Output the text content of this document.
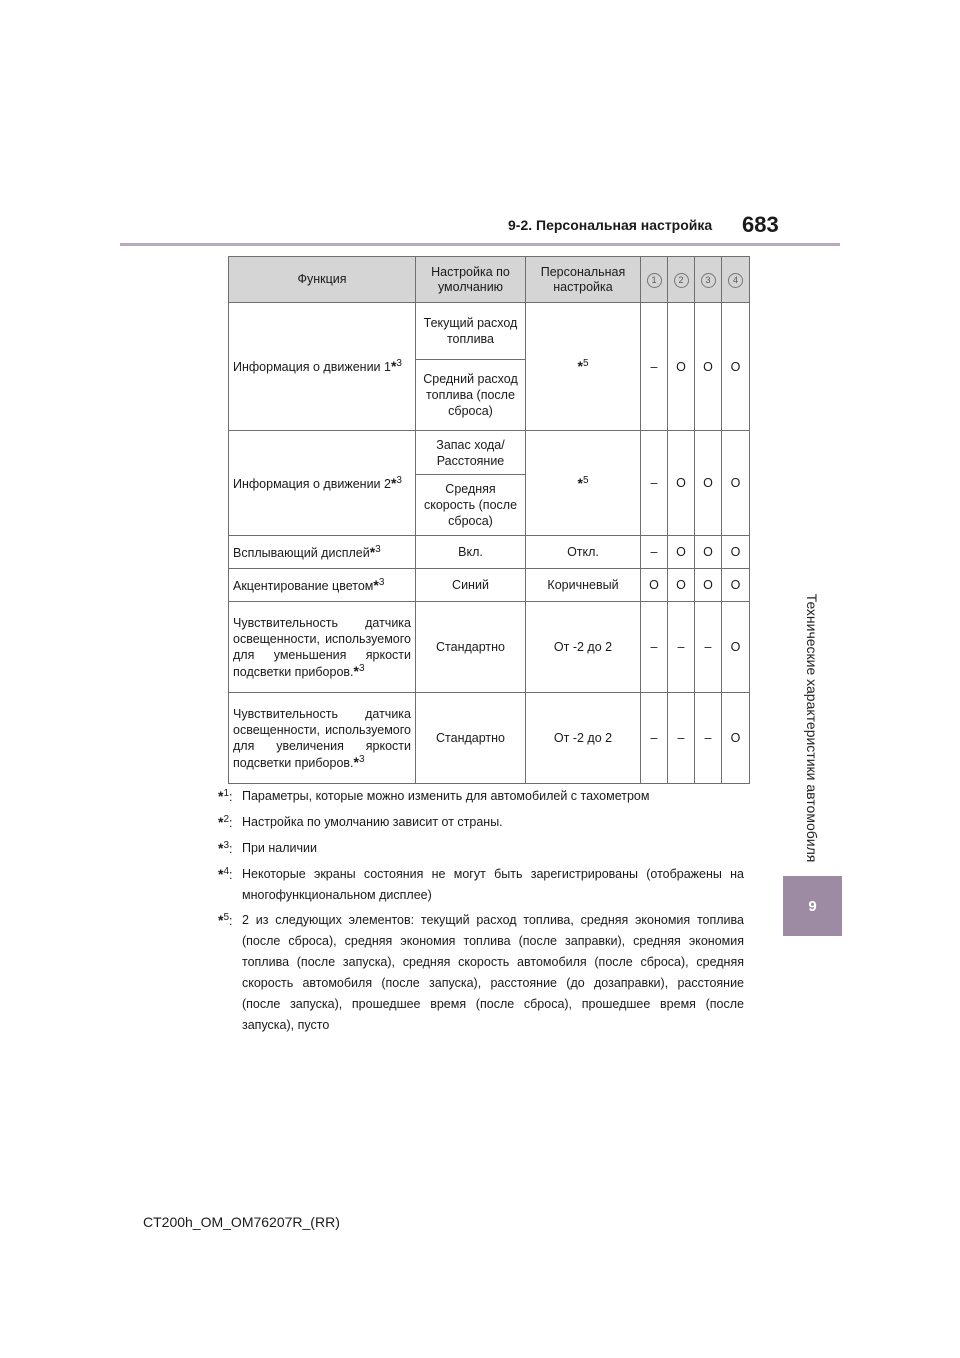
9-2. Персональная настройка 683
9
Технические характеристики автомобиля
Функция	Настройка по умолчанию	Персональная настройка	1	2	3	4
Информация о движении 1*$^3$	Текущий расход топлива	*$^5$	–	O	O	O
	Средний расход топлива (после сброса)					
Информация о движении 2*$^3$	Запас хода/ Расстояние	*$^5$	–	O	O	O
	Средняя скорость (после сброса)					
Всплывающий дисплей*$^3$	Вкл.	Откл.	–	O	O	O
Акцентирование цветом*$^3$	Синий	Коричневый	O	O	O	O
Чувствительность датчика освещенности, используемого для уменьшения яркости подсветки приборов.*$^3$	Стандартно	От -2 до 2	–	–	–	O
Чувствительность датчика освещенности, используемого для увеличения яркости подсветки приборов.*$^3$	Стандартно	От -2 до 2	–	–	–	O
*$^1$: Параметры, которые можно изменить для автомобилей с тахометром
*$^2$: Настройка по умолчанию зависит от страны.
*$^3$: При наличии
*$^4$: Некоторые экраны состояния не могут быть зарегистрированы (отображены на многофункциональном дисплее)
*$^5$: 2 из следующих элементов: текущий расход топлива, средняя экономия топлива (после сброса), средняя экономия топлива (после заправки), средняя экономия топлива (после запуска), средняя скорость автомобиля (после сброса), средняя скорость автомобиля (после запуска), расстояние (до дозаправки), расстояние (после запуска), прошедшее время (после сброса), прошедшее время (после запуска), пусто
CT200h_OM_OM76207R_(RR)
